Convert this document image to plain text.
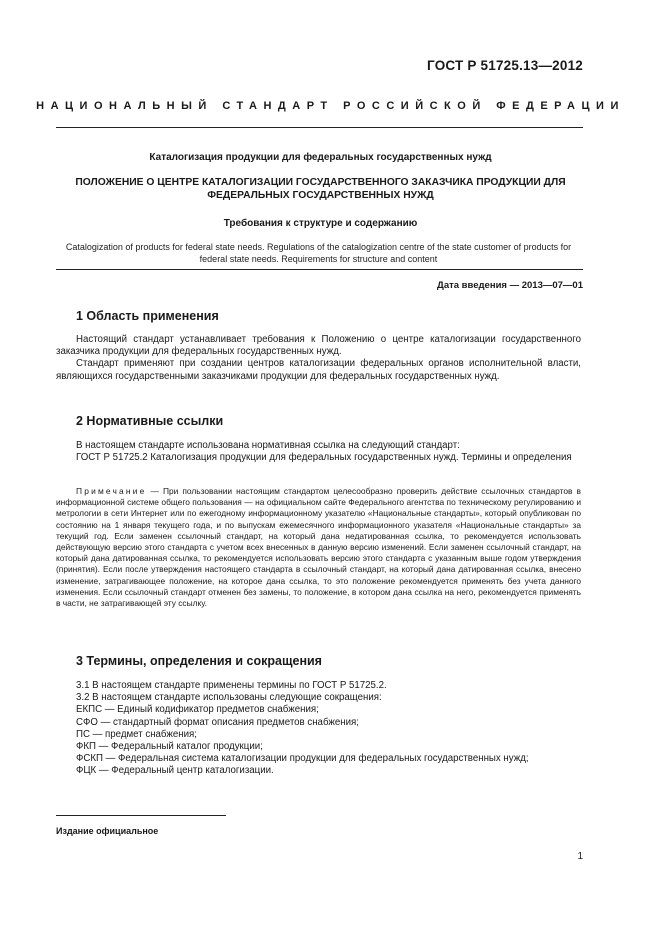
ГОСТ Р 51725.13—2012
НАЦИОНАЛЬНЫЙ СТАНДАРТ РОССИЙСКОЙ ФЕДЕРАЦИИ
Каталогизация продукции для федеральных государственных нужд
ПОЛОЖЕНИЕ О ЦЕНТРЕ КАТАЛОГИЗАЦИИ ГОСУДАРСТВЕННОГО ЗАКАЗЧИКА ПРОДУКЦИИ ДЛЯ ФЕДЕРАЛЬНЫХ ГОСУДАРСТВЕННЫХ НУЖД
Требования к структуре и содержанию
Catalogization of products for federal state needs. Regulations of the catalogization centre of the state customer of products for federal state needs. Requirements for structure and content
Дата введения — 2013—07—01
1 Область применения

Настоящий стандарт устанавливает требования к Положению о центре каталогизации государственного заказчика продукции для федеральных государственных нужд.

Стандарт применяют при создании центров каталогизации федеральных органов исполнительной власти, являющихся государственными заказчиками продукции для федеральных государственных нужд.

2 Нормативные ссылки

В настоящем стандарте использована нормативная ссылка на следующий стандарт:

ГОСТ Р 51725.2 Каталогизация продукции для федеральных государственных нужд. Термины и определения

Примечание — При пользовании настоящим стандартом целесообразно проверить действие ссылочных стандартов в информационной системе общего пользования — на официальном сайте Федерального агентства по техническому регулированию и метрологии в сети Интернет или по ежегодному информационному указателю «Национальные стандарты», который опубликован по состоянию на 1 января текущего года, и по выпускам ежемесячного информационного указателя «Национальные стандарты» за текущий год. Если заменен ссылочный стандарт, на который дана недатированная ссылка, то рекомендуется использовать действующую версию этого стандарта с учетом всех внесенных в данную версию изменений. Если заменен ссылочный стандарт, на который дана датированная ссылка, то рекомендуется использовать версию этого стандарта с указанным выше годом утверждения (принятия). Если после утверждения настоящего стандарта в ссылочный стандарт, на который дана датированная ссылка, внесено изменение, затрагивающее положение, на которое дана ссылка, то это положение рекомендуется применять без учета данного изменения. Если ссылочный стандарт отменен без замены, то положение, в котором дана ссылка на него, рекомендуется применять в части, не затрагивающей эту ссылку.
3 Термины, определения и сокращения

3.1 В настоящем стандарте применены термины по ГОСТ Р 51725.2.

3.2 В настоящем стандарте использованы следующие сокращения:

ЕКПС — Единый кодификатор предметов снабжения;

СФО — стандартный формат описания предметов снабжения;

ПС — предмет снабжения;

ФКП — Федеральный каталог продукции;

ФСКП — Федеральная система каталогизации продукции для федеральных государственных нужд;

ФЦК — Федеральный центр каталогизации.

Издание официальное
1
